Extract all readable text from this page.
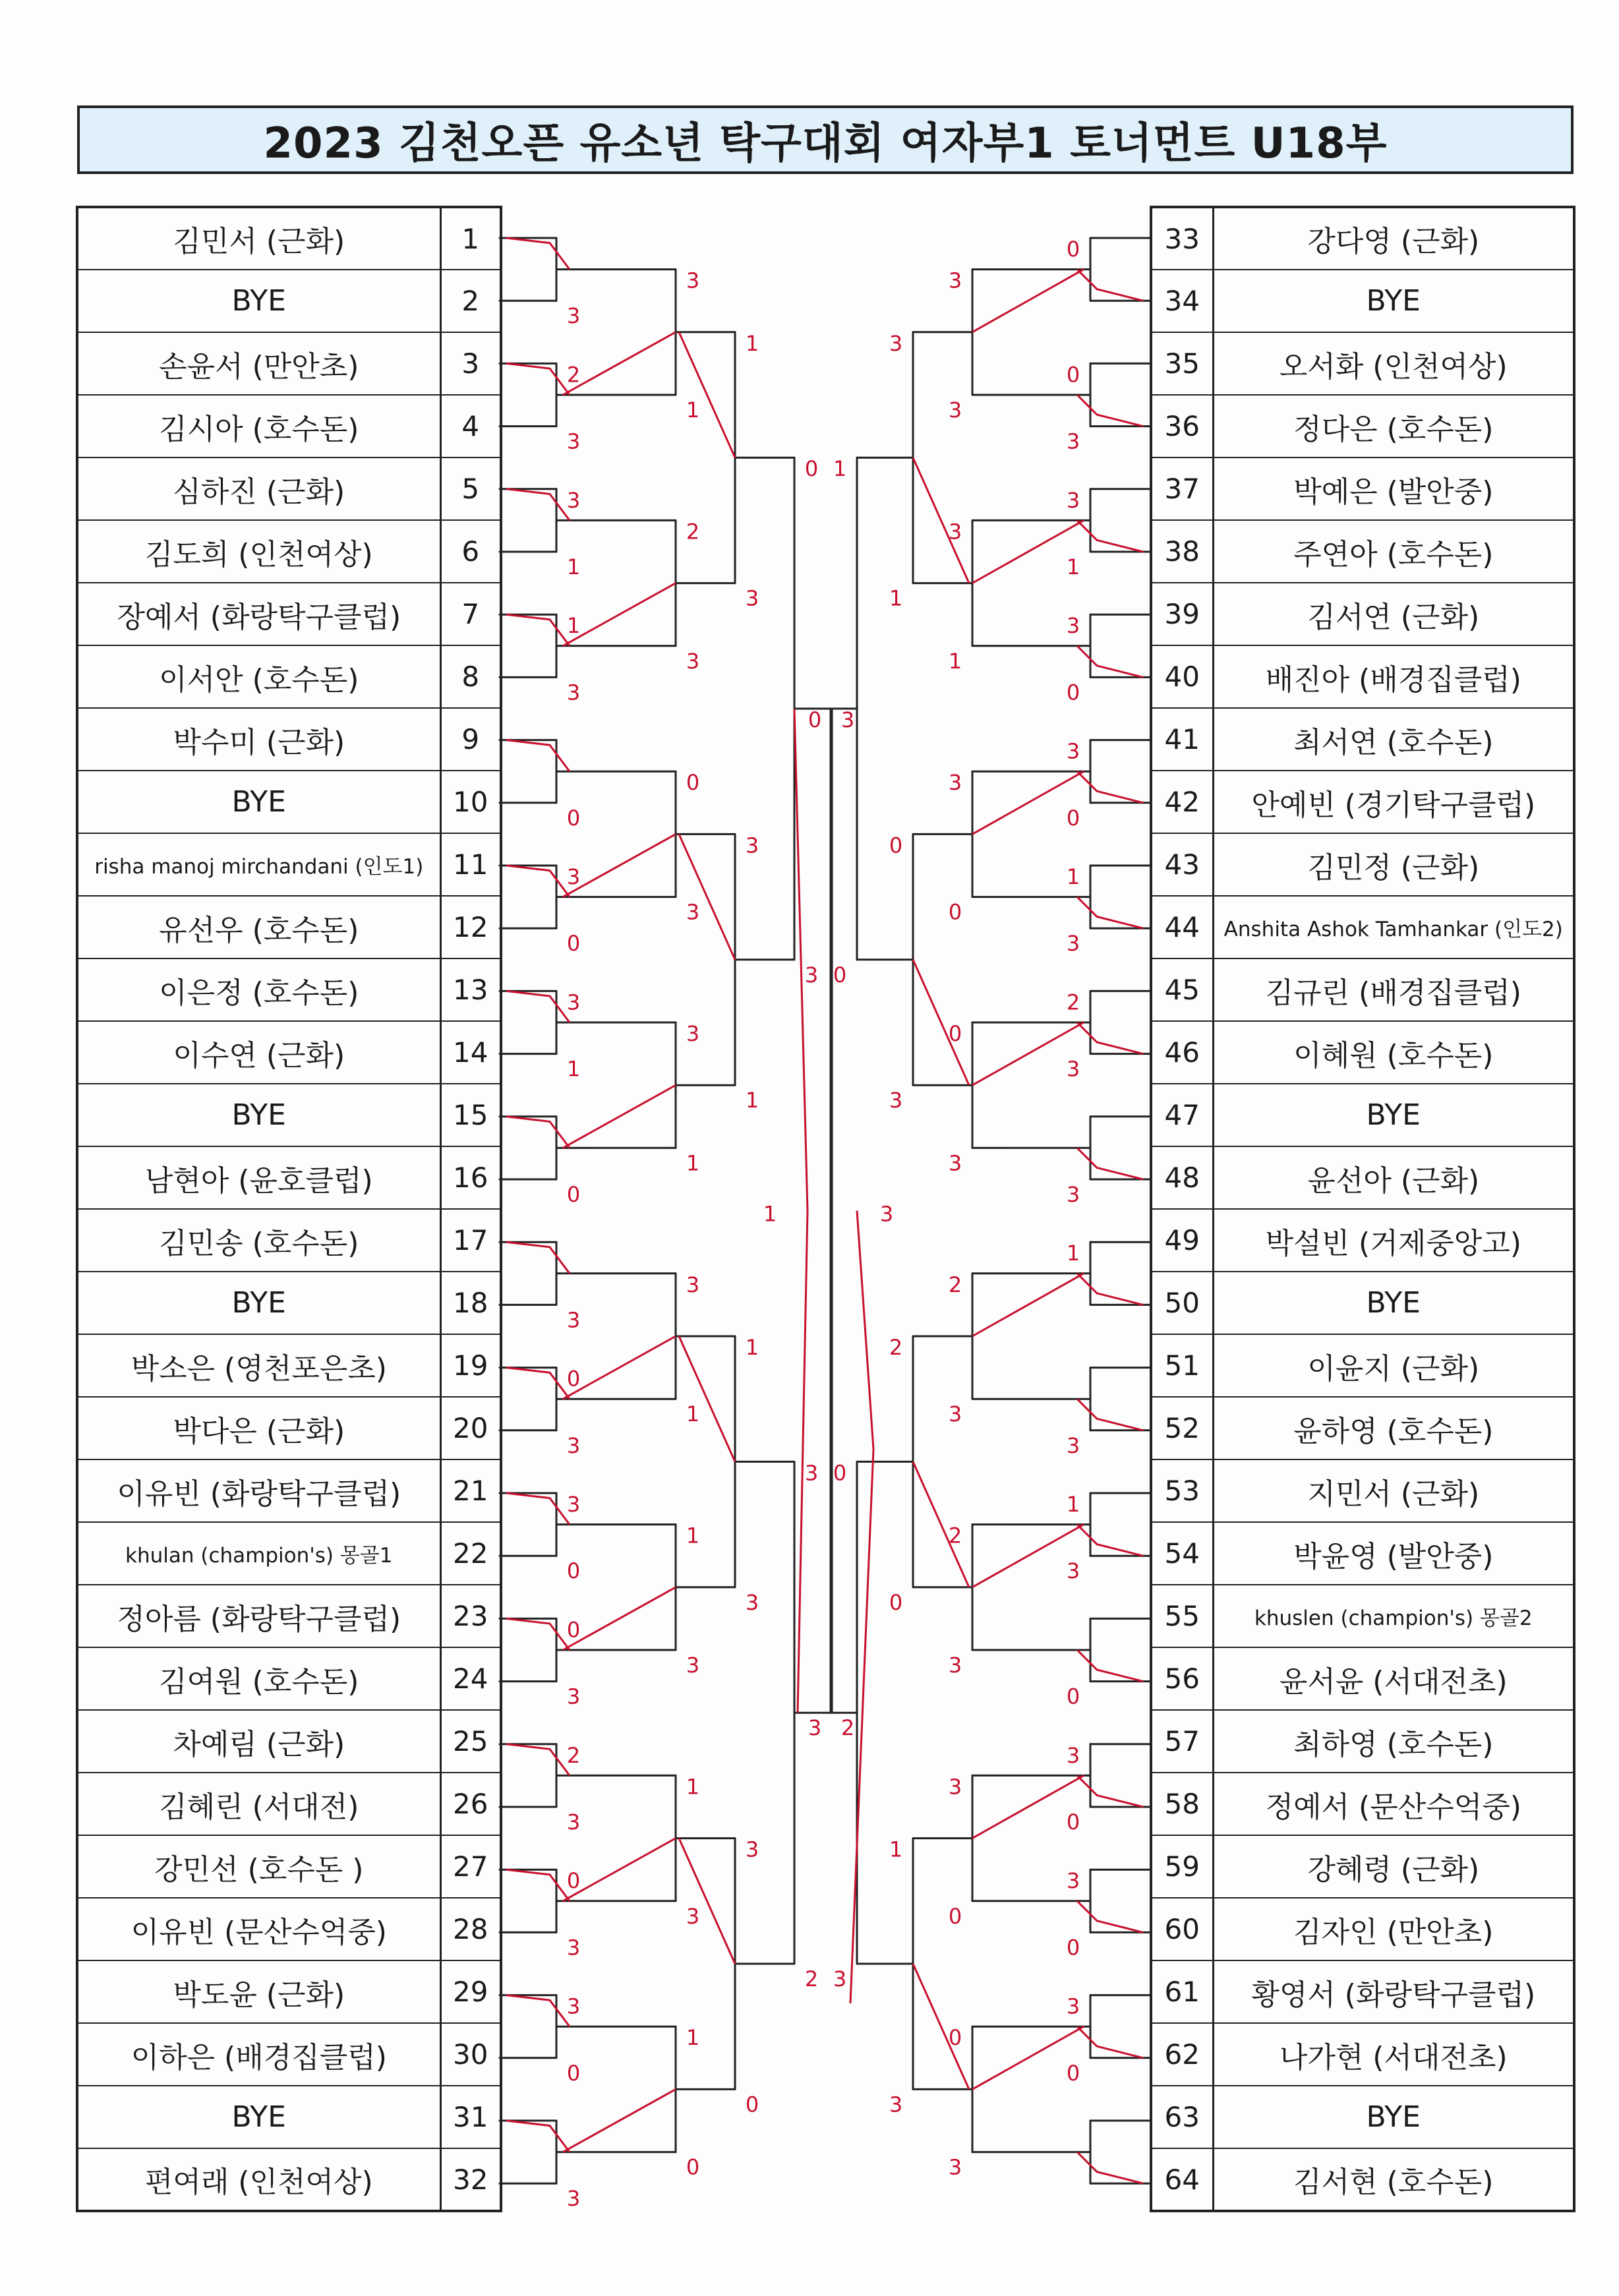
2023 김천오픈 유소년 탁구대회 여자부1 토너먼트 U18부
김민서 (근화)	1
BYE	2
손윤서 (만안초)	3
김시아 (호수돈)	4
심하진 (근화)	5
김도희 (인천여상)	6
장예서 (화랑탁구클럽)	7
이서안 (호수돈)	8
박수미 (근화)	9
BYE	10
risha manoj mirchandani (인도1)	11
유선우 (호수돈)	12
이은정 (호수돈)	13
이수연 (근화)	14
BYE	15
남현아 (윤호클럽)	16
김민송 (호수돈)	17
BYE	18
박소은 (영천포은초)	19
박다은 (근화)	20
이유빈 (화랑탁구클럽)	21
khulan (champion's) 몽골1	22
정아름 (화랑탁구클럽)	23
김여원 (호수돈)	24
차예림 (근화)	25
김혜린 (서대전)	26
강민선 (호수돈 )	27
이유빈 (문산수억중)	28
박도윤 (근화)	29
이하은 (배경집클럽)	30
BYE	31
편여래 (인천여상)	32
33	강다영 (근화)
34	BYE
35	오서화 (인천여상)
36	정다은 (호수돈)
37	박예은 (발안중)
38	주연아 (호수돈)
39	김서연 (근화)
40	배진아 (배경집클럽)
41	최서연 (호수돈)
42	안예빈 (경기탁구클럽)
43	김민정 (근화)
44	Anshita Ashok Tamhankar (인도2)
45	김규린 (배경집클럽)
46	이혜원 (호수돈)
47	BYE
48	윤선아 (근화)
49	박설빈 (거제중앙고)
50	BYE
51	이윤지 (근화)
52	윤하영 (호수돈)
53	지민서 (근화)
54	박윤영 (발안중)
55	khuslen (champion's) 몽골2
56	윤서윤 (서대전초)
57	최하영 (호수돈)
58	정예서 (문산수억중)
59	강혜령 (근화)
60	김자인 (만안초)
61	황영서 (화랑탁구클럽)
62	나가현 (서대전초)
63	BYE
64	김서현 (호수돈)
3
2
3
3
1
1
3
0
3
0
3
1
0
3
0
3
3
0
0
3
2
3
0
3
3
0
3
3
1
2
3
0
3
3
1
3
1
1
3
1
3
1
0
1
3
3
1
1
3
3
0
0
3
3
2
3
2
0
0
3
3
1
3
0
3
0
1
3
2
3
3
1
3
1
3
0
3
0
3
0
3
0
3
3
3
1
3
0
0
3
2
3
2
3
3
0
0
3
3
1
0
3
2
0
1
3
1
0
0
3
0
3
1	3
